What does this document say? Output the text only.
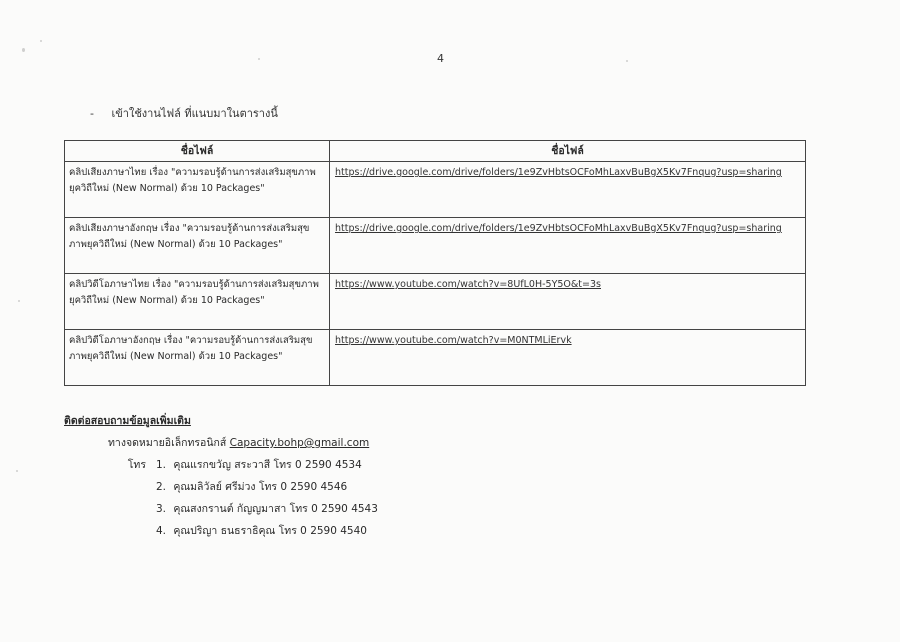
4
- เข้าใช้งานไฟล์ ที่แนบมาในตารางนี้
ชื่อไฟล์	ชื่อไฟล์
คลิปเสียงภาษาไทย เรื่อง "ความรอบรู้ด้านการส่งเสริมสุขภาพยุควิถีใหม่ (New Normal) ด้วย 10 Packages"	https://drive.google.com/drive/folders/1e9ZvHbtsOCFoMhLaxvBuBgX5Kv7Fnqug?usp=sharing
คลิปเสียงภาษาอังกฤษ เรื่อง "ความรอบรู้ด้านการส่งเสริมสุขภาพยุควิถีใหม่ (New Normal) ด้วย 10 Packages"	https://drive.google.com/drive/folders/1e9ZvHbtsOCFoMhLaxvBuBgX5Kv7Fnqug?usp=sharing
คลิปวิดีโอภาษาไทย เรื่อง "ความรอบรู้ด้านการส่งเสริมสุขภาพยุควิถีใหม่ (New Normal) ด้วย 10 Packages"	https://www.youtube.com/watch?v=8UfL0H-5Y5O&t=3s
คลิปวิดีโอภาษาอังกฤษ เรื่อง "ความรอบรู้ด้านการส่งเสริมสุขภาพยุควิถีใหม่ (New Normal) ด้วย 10 Packages"	https://www.youtube.com/watch?v=M0NTMLiErvk
ติดต่อสอบถามข้อมูลเพิ่มเติม
ทางจดหมายอิเล็กทรอนิกส์ Capacity.bohp@gmail.com
โทร 1. คุณแรกขวัญ สระวาสี โทร 0 2590 4534
2. คุณมลิวัลย์ ศรีม่วง โทร 0 2590 4546
3. คุณสงกรานต์ กัญญมาสา โทร 0 2590 4543
4. คุณปริญา ธนธราธิคุณ โทร 0 2590 4540
